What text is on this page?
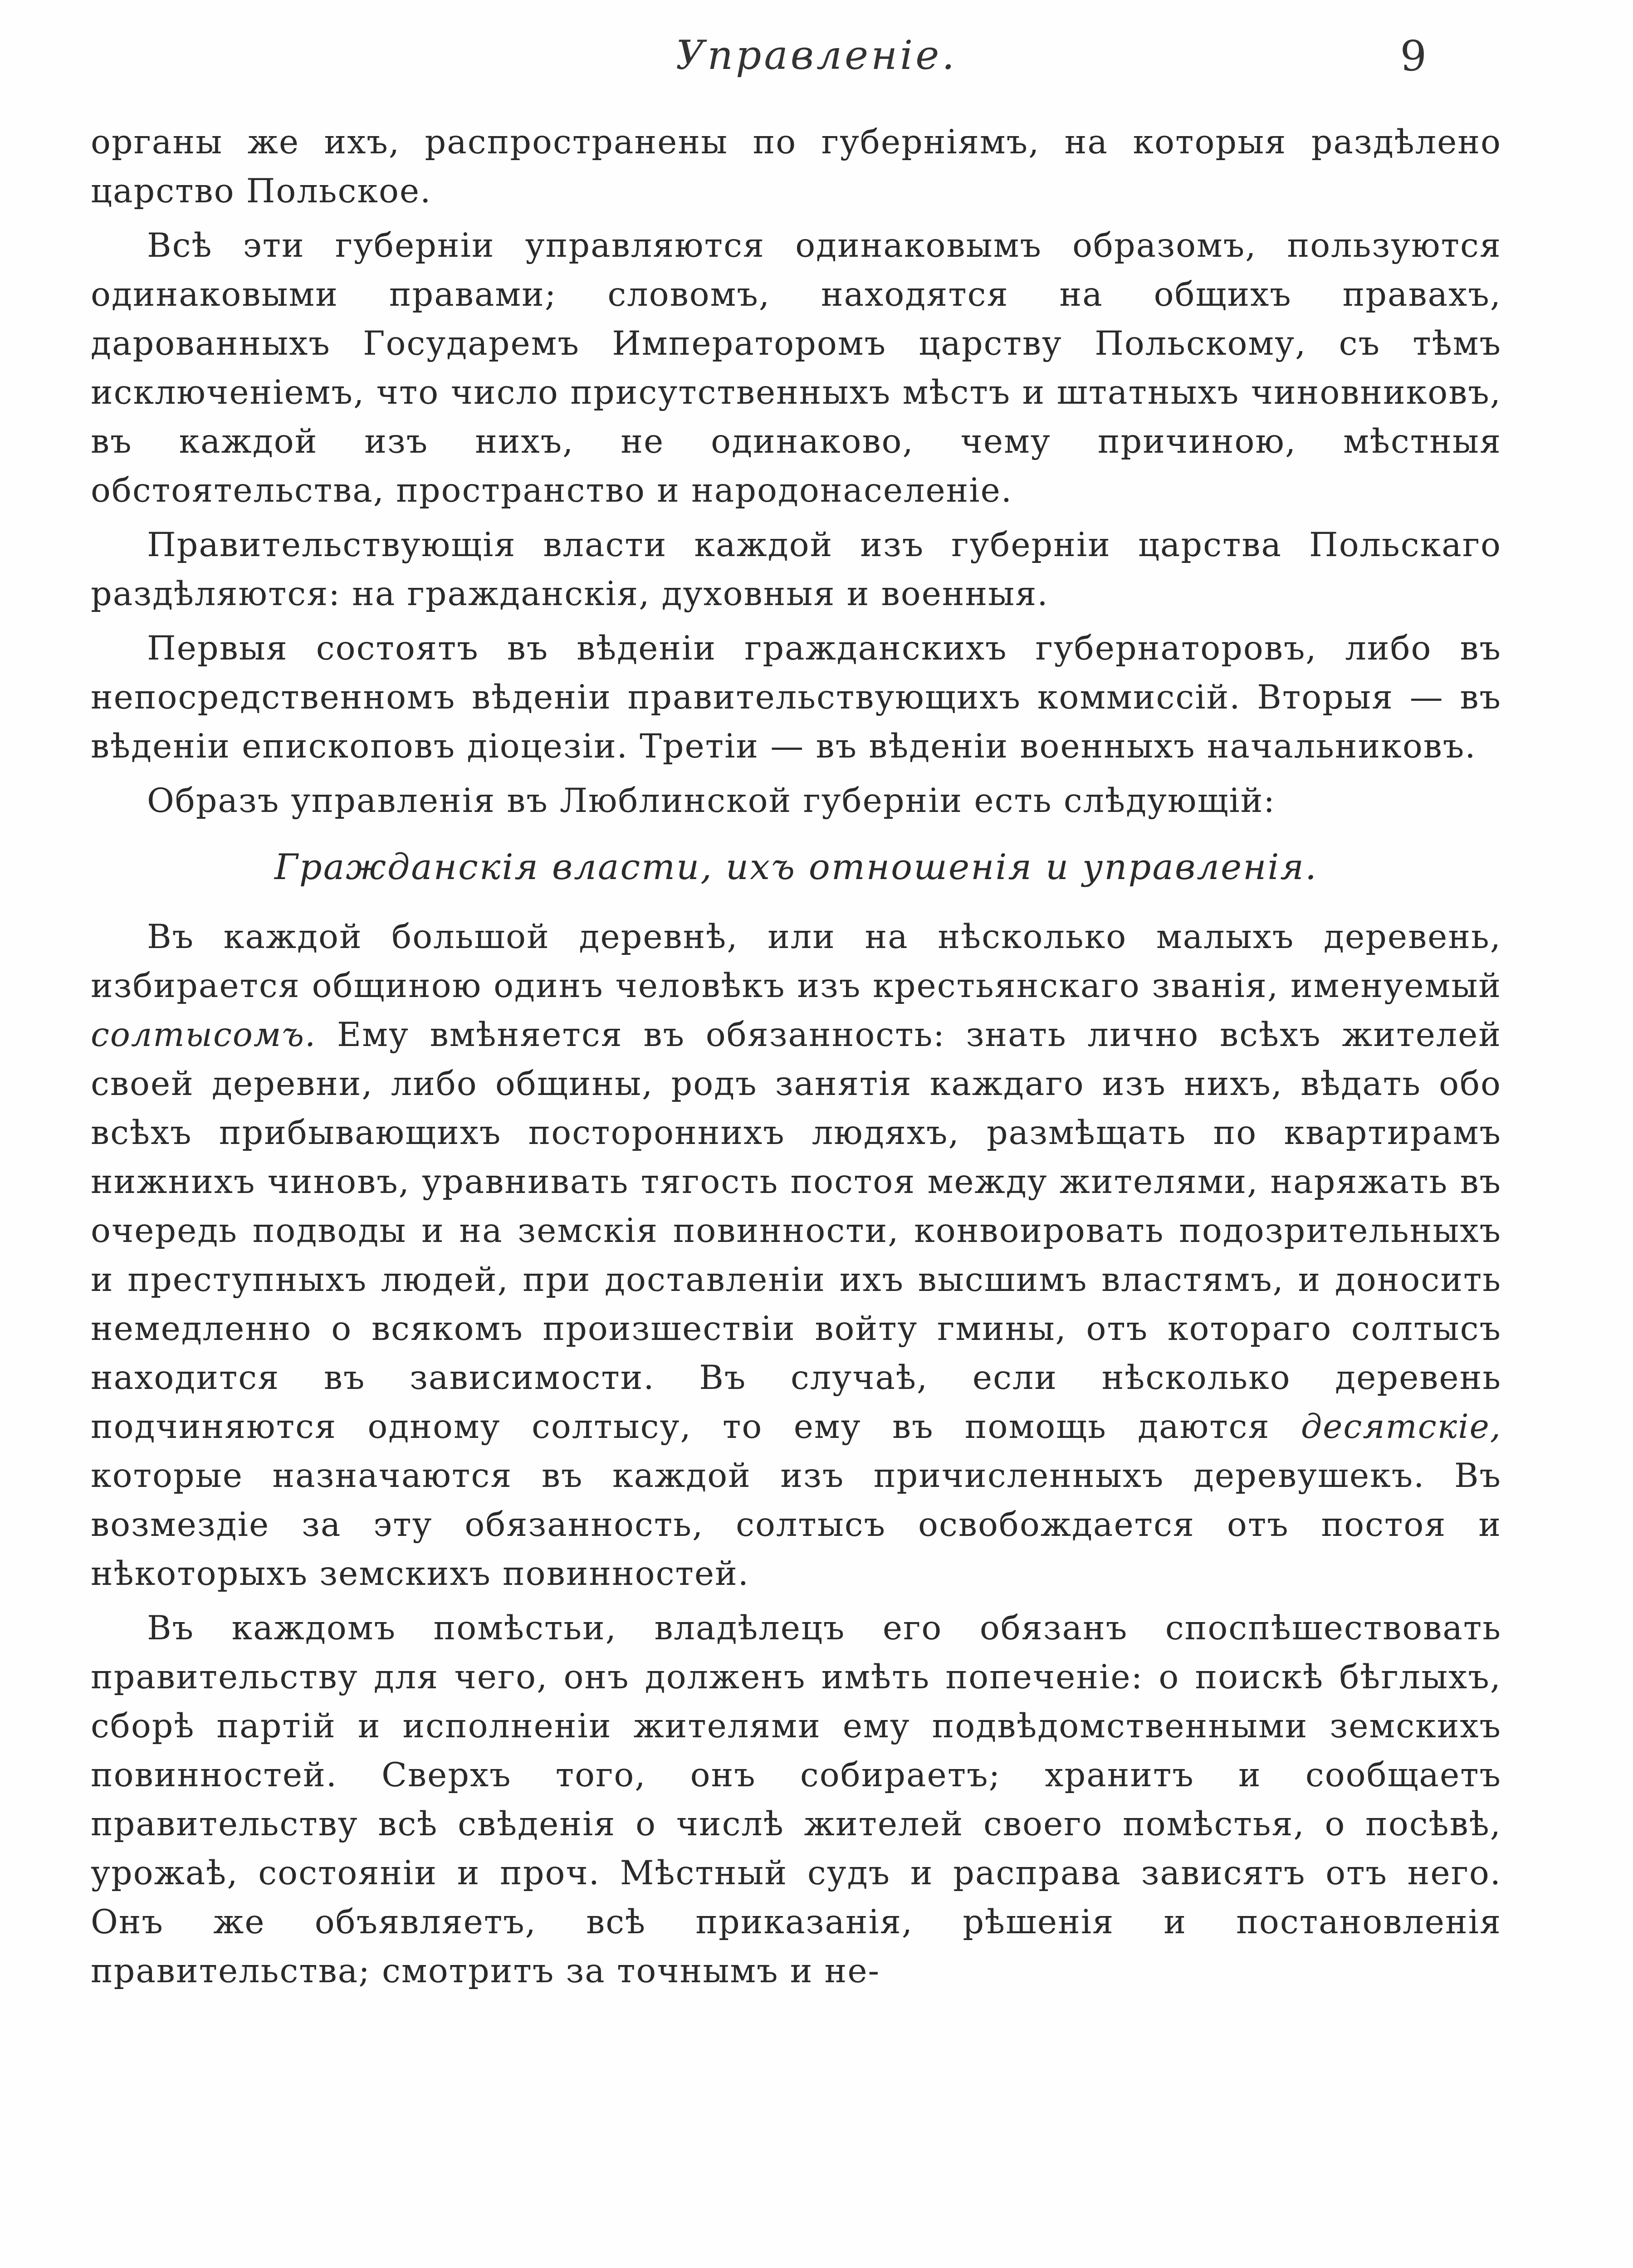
Управленіе.	9

органы же ихъ, распространены по губерніямъ, на которыя раздѣлено царство Польское.

Всѣ эти губерніи управляются одинаковымъ образомъ, пользуются одинаковыми правами; словомъ, находятся на общихъ правахъ, дарованныхъ Государемъ Императоромъ царству Польскому, съ тѣмъ исключеніемъ, что число присутственныхъ мѣстъ и штатныхъ чиновниковъ, въ каждой изъ нихъ, не одинаково, чему причиною, мѣстныя обстоятельства, пространство и народонаселеніе.

Правительствующія власти каждой изъ губерніи царства Польскаго раздѣляются: на гражданскія, духовныя и военныя.

Первыя состоятъ въ вѣденіи гражданскихъ губернаторовъ, либо въ непосредственномъ вѣденіи правительствующихъ коммиссій. Вторыя — въ вѣденіи епископовъ діоцезіи. Третіи — въ вѣденіи военныхъ начальниковъ.

Образъ управленія въ Люблинской губерніи есть слѣдующій:

Гражданскія власти, ихъ отношенія и управленія.

Въ каждой большой деревнѣ, или на нѣсколько малыхъ деревень, избирается общиною одинъ человѣкъ изъ крестьянскаго званія, именуемый солтысомъ. Ему вмѣняется въ обязанность: знать лично всѣхъ жителей своей деревни, либо общины, родъ занятія каждаго изъ нихъ, вѣдать обо всѣхъ прибывающихъ постороннихъ людяхъ, размѣщать по квартирамъ нижнихъ чиновъ, уравнивать тягость постоя между жителями, наряжать въ очередь подводы и на земскія повинности, конвоировать подозрительныхъ и преступныхъ людей, при доставленіи ихъ высшимъ властямъ, и доносить немедленно о всякомъ произшествіи войту гмины, отъ котораго солтысъ находится въ зависимости. Въ случаѣ, если нѣсколько деревень подчиняются одному солтысу, то ему въ помощь даются десятскіе, которые назначаются въ каждой изъ причисленныхъ деревушекъ. Въ возмездіе за эту обязанность, солтысъ освобождается отъ постоя и нѣкоторыхъ земскихъ повинностей.

Въ каждомъ помѣстьи, владѣлецъ его обязанъ споспѣшествовать правительству для чего, онъ долженъ имѣть попеченіе: о поискѣ бѣглыхъ, сборѣ партій и исполненіи жителями ему подвѣдомственными земскихъ повинностей. Сверхъ того, онъ собираетъ; хранитъ и сообщаетъ правительству всѣ свѣденія о числѣ жителей своего помѣстья, о посѣвѣ, урожаѣ, состояніи и проч. Мѣстный судъ и расправа зависятъ отъ него. Онъ же объявляетъ, всѣ приказанія, рѣшенія и постановленія правительства; смотритъ за точнымъ и не-
